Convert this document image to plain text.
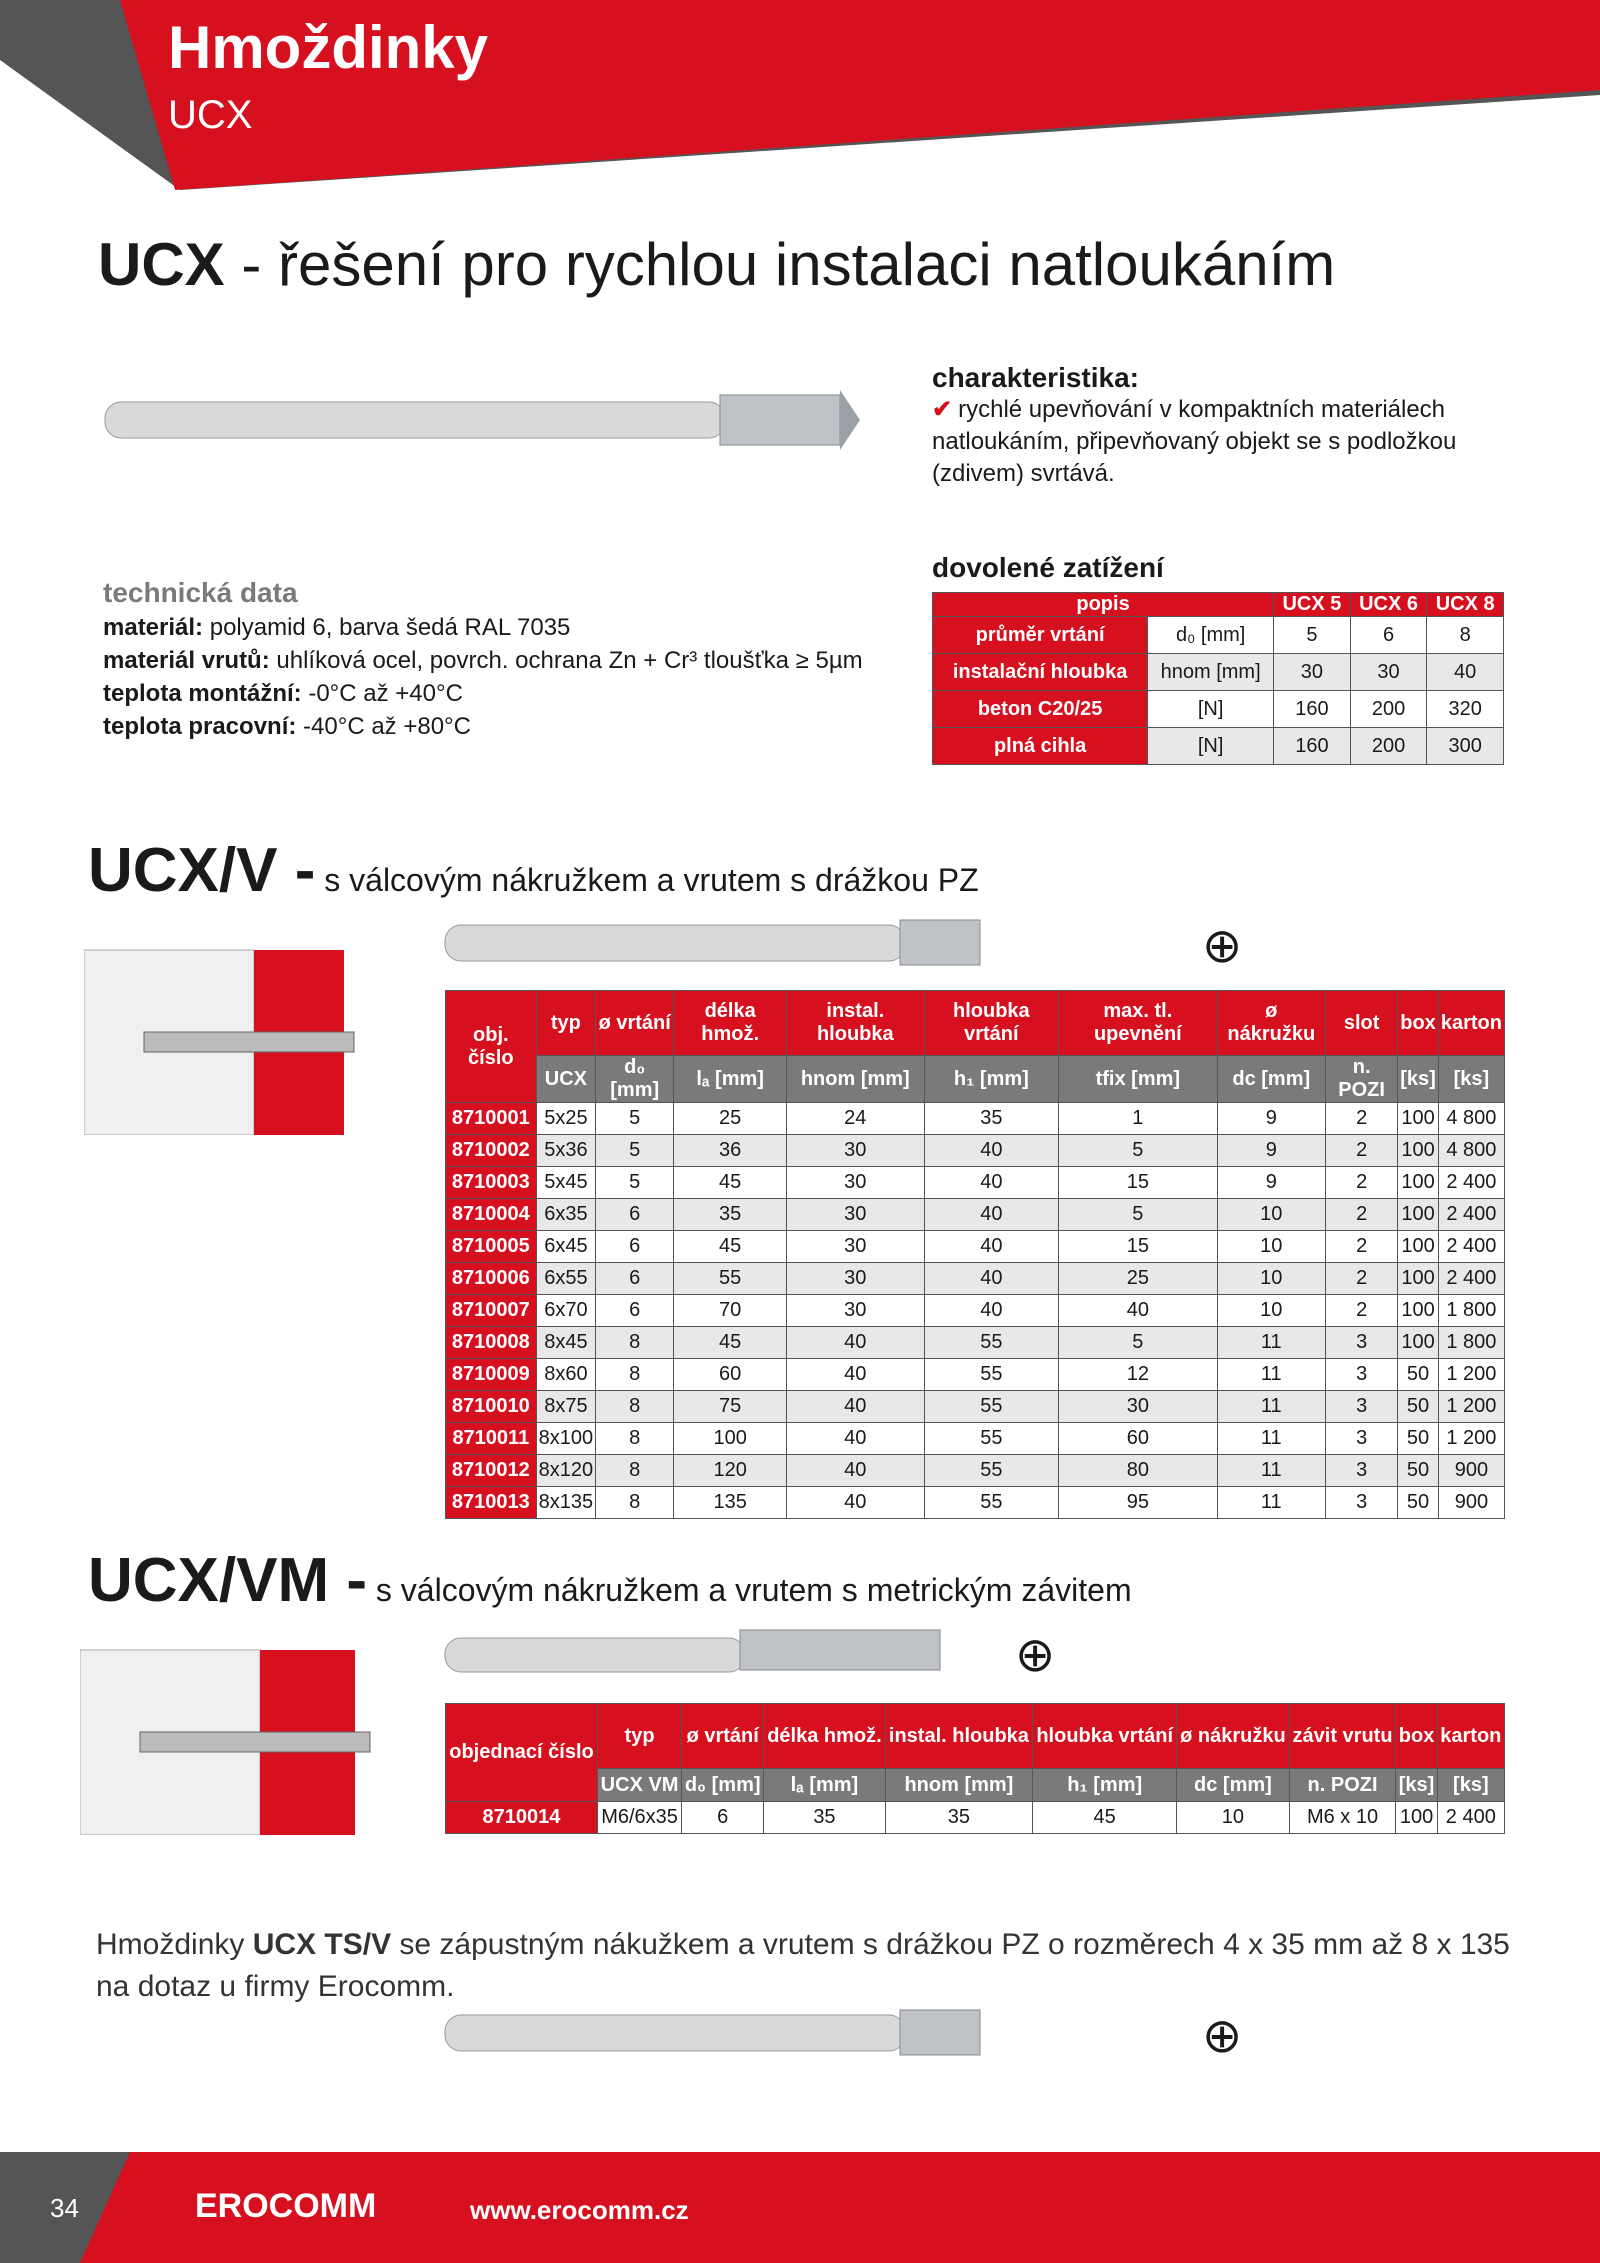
Hmoždinky
UCX
UCX - řešení pro rychlou instalaci natloukáním
charakteristika:
✔ rychlé upevňování v kompaktních materiálech natloukáním, připevňovaný objekt se s podložkou (zdivem) svrtává.
technická data
materiál: polyamid 6, barva šedá RAL 7035
materiál vrutů: uhlíková ocel, povrch. ochrana Zn + Cr³ tloušťka ≥ 5µm
teplota montážní: -0°C až +40°C
teplota pracovní: -40°C až +80°C
dovolené zatížení
popis		UCX 5	UCX 6	UCX 8
průměr vrtání	d₀ [mm]	5	6	8
instalační hloubka	hnom [mm]	30	30	40
beton C20/25	[N]	160	200	320
plná cihla	[N]	160	200	300
UCX/V - s válcovým nákružkem a vrutem s drážkou PZ
⊕
obj. číslo	typ	ø vrtání	délka hmož.	instal. hloubka	hloubka vrtání	max. tl. upevnění	ø nákružku	slot	box	karton
	UCX	d₀ [mm]	lₐ [mm]	hnom [mm]	h₁ [mm]	tfix [mm]	dc [mm]	n. POZI	[ks]	[ks]
8710001	5x25	5	25	24	35	1	9	2	100	4 800
8710002	5x36	5	36	30	40	5	9	2	100	4 800
8710003	5x45	5	45	30	40	15	9	2	100	2 400
8710004	6x35	6	35	30	40	5	10	2	100	2 400
8710005	6x45	6	45	30	40	15	10	2	100	2 400
8710006	6x55	6	55	30	40	25	10	2	100	2 400
8710007	6x70	6	70	30	40	40	10	2	100	1 800
8710008	8x45	8	45	40	55	5	11	3	100	1 800
8710009	8x60	8	60	40	55	12	11	3	50	1 200
8710010	8x75	8	75	40	55	30	11	3	50	1 200
8710011	8x100	8	100	40	55	60	11	3	50	1 200
8710012	8x120	8	120	40	55	80	11	3	50	900
8710013	8x135	8	135	40	55	95	11	3	50	900
UCX/VM - s válcovým nákružkem a vrutem s metrickým závitem
⊕
objednací číslo	typ	ø vrtání	délka hmož.	instal. hloubka	hloubka vrtání	ø nákružku	závit vrutu	box	karton
	UCX VM	d₀ [mm]	lₐ [mm]	hnom [mm]	h₁ [mm]	dc [mm]	n. POZI	[ks]	[ks]
8710014	M6/6x35	6	35	35	45	10	M6 x 10	100	2 400
Hmoždinky UCX TS/V se zápustným nákužkem a vrutem s drážkou PZ o rozměrech 4 x 35 mm až 8 x 135 na dotaz u firmy Erocomm.
⊕
34	EROCOMM	www.erocomm.cz
